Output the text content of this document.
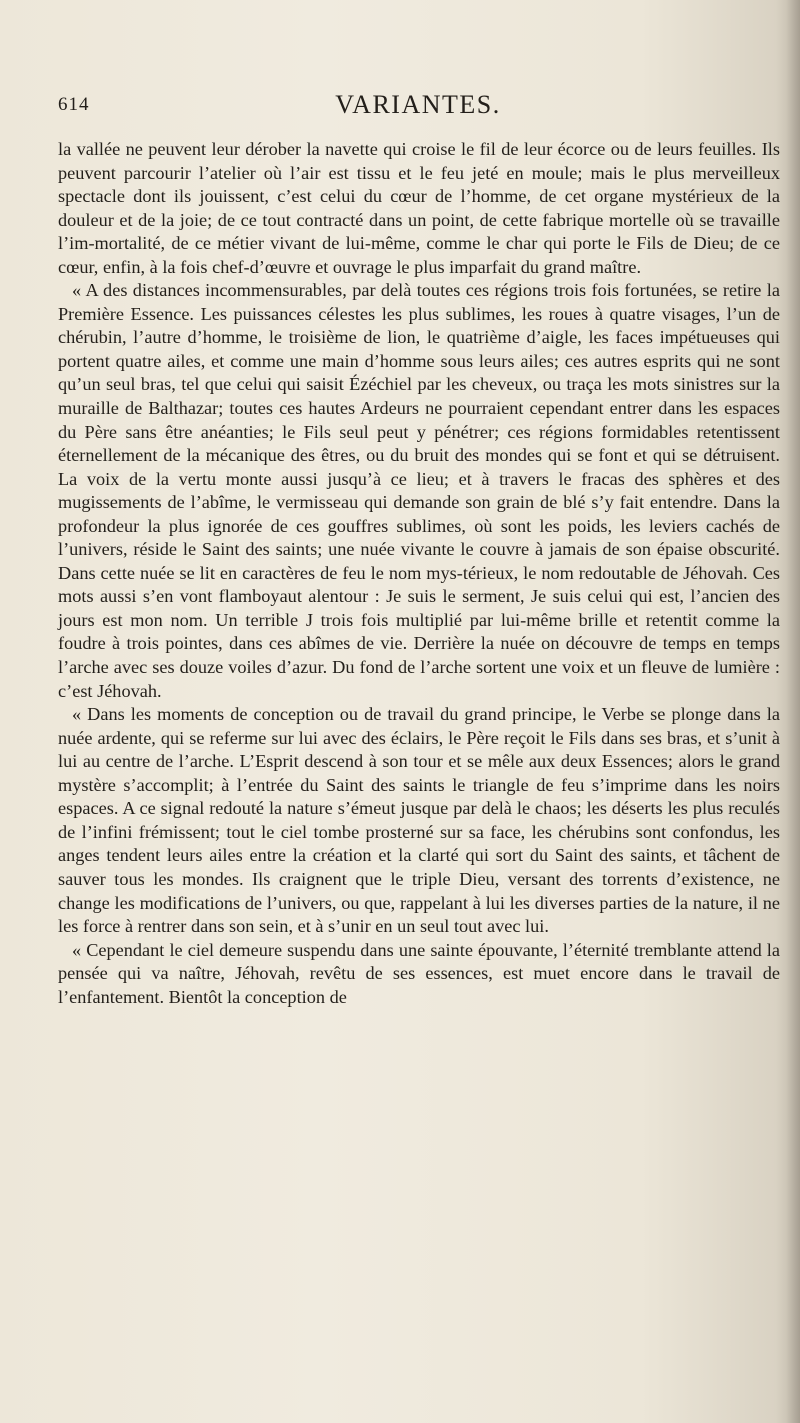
614	VARIANTES.

la vallée ne peuvent leur dérober la navette qui croise le fil de leur écorce ou de leurs feuilles. Ils peuvent parcourir l’atelier où l’air est tissu et le feu jeté en moule; mais le plus merveilleux spectacle dont ils jouissent, c’est celui du cœur de l’homme, de cet organe mystérieux de la douleur et de la joie; de ce tout contracté dans un point, de cette fabrique mortelle où se travaille l’im-mortalité, de ce métier vivant de lui-même, comme le char qui porte le Fils de Dieu; de ce cœur, enfin, à la fois chef-d’œuvre et ouvrage le plus imparfait du grand maître.

« A des distances incommensurables, par delà toutes ces régions trois fois fortunées, se retire la Première Essence. Les puissances célestes les plus sublimes, les roues à quatre visages, l’un de chérubin, l’autre d’homme, le troisième de lion, le quatrième d’aigle, les faces impétueuses qui portent quatre ailes, et comme une main d’homme sous leurs ailes; ces autres esprits qui ne sont qu’un seul bras, tel que celui qui saisit Ézéchiel par les cheveux, ou traça les mots sinistres sur la muraille de Balthazar; toutes ces hautes Ardeurs ne pourraient cependant entrer dans les espaces du Père sans être anéanties; le Fils seul peut y pénétrer; ces régions formidables retentissent éternellement de la mécanique des êtres, ou du bruit des mondes qui se font et qui se détruisent. La voix de la vertu monte aussi jusqu’à ce lieu; et à travers le fracas des sphères et des mugissements de l’abîme, le vermisseau qui demande son grain de blé s’y fait entendre. Dans la profondeur la plus ignorée de ces gouffres sublimes, où sont les poids, les leviers cachés de l’univers, réside le Saint des saints; une nuée vivante le couvre à jamais de son épaise obscurité. Dans cette nuée se lit en caractères de feu le nom mys-térieux, le nom redoutable de Jéhovah. Ces mots aussi s’en vont flamboyaut alentour : Je suis le serment, Je suis celui qui est, l’ancien des jours est mon nom. Un terrible J trois fois multiplié par lui-même brille et retentit comme la foudre à trois pointes, dans ces abîmes de vie. Derrière la nuée on découvre de temps en temps l’arche avec ses douze voiles d’azur. Du fond de l’arche sortent une voix et un fleuve de lumière : c’est Jéhovah.

« Dans les moments de conception ou de travail du grand principe, le Verbe se plonge dans la nuée ardente, qui se referme sur lui avec des éclairs, le Père reçoit le Fils dans ses bras, et s’unit à lui au centre de l’arche. L’Esprit descend à son tour et se mêle aux deux Essences; alors le grand mystère s’accomplit; à l’entrée du Saint des saints le triangle de feu s’imprime dans les noirs espaces. A ce signal redouté la nature s’émeut jusque par delà le chaos; les déserts les plus reculés de l’infini frémissent; tout le ciel tombe prosterné sur sa face, les chérubins sont confondus, les anges tendent leurs ailes entre la création et la clarté qui sort du Saint des saints, et tâchent de sauver tous les mondes. Ils craignent que le triple Dieu, versant des torrents d’existence, ne change les modifications de l’univers, ou que, rappelant à lui les diverses parties de la nature, il ne les force à rentrer dans son sein, et à s’unir en un seul tout avec lui.

« Cependant le ciel demeure suspendu dans une sainte épouvante, l’éternité tremblante attend la pensée qui va naître, Jéhovah, revêtu de ses essences, est muet encore dans le travail de l’enfantement. Bientôt la conception de
